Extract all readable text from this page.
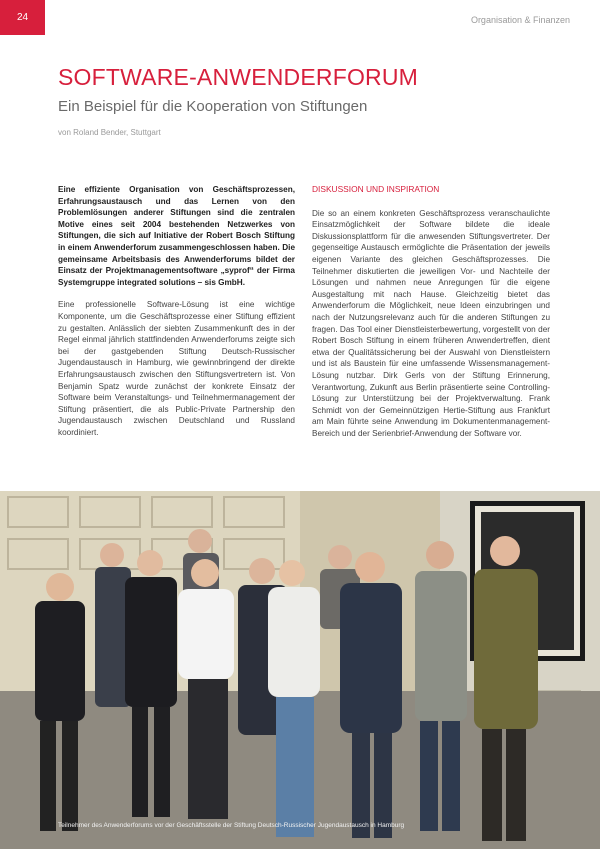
24	Organisation & Finanzen
SOFTWARE-ANWENDERFORUM
Ein Beispiel für die Kooperation von Stiftungen
von Roland Bender, Stuttgart

Eine effiziente Organisation von Geschäftsprozessen, Erfahrungsaustausch und das Lernen von den Problemlösungen anderer Stiftungen sind die zentralen Motive eines seit 2004 bestehenden Netzwerkes von Stiftungen, die sich auf Initiative der Robert Bosch Stiftung in einem Anwenderforum zusammengeschlossen haben. Die gemeinsame Arbeitsbasis des Anwenderforums bildet der Einsatz der Projektmanagementsoftware „syprof“ der Firma Systemgruppe integrated solutions – sis GmbH.

Eine professionelle Software-Lösung ist eine wichtige Komponente, um die Geschäftsprozesse einer Stiftung effizient zu gestalten. Anlässlich der siebten Zusammenkunft des in der Regel einmal jährlich stattfindenden Anwenderforums zeigte sich bei der gastgebenden Stiftung Deutsch-Russischer Jugendaustausch in Hamburg, wie gewinnbringend der direkte Erfahrungsaustausch zwischen den Stiftungsvertretern ist. Von Benjamin Spatz wurde zunächst der konkrete Einsatz der Software beim Veranstaltungs- und Teilnehmermanagement der Stiftung präsentiert, die als Public-Private Partnership den Jugendaustausch zwischen Deutschland und Russland koordiniert.

DISKUSSION UND INSPIRATION

Die so an einem konkreten Geschäftsprozess veranschaulichte Einsatzmöglichkeit der Software bildete die ideale Diskussionsplattform für die anwesenden Stiftungsvertreter. Der gegenseitige Austausch ermöglichte die Präsentation der jeweils eigenen Variante des gleichen Geschäftsprozesses. Die Teilnehmer diskutierten die jeweiligen Vor- und Nachteile der Lösungen und nahmen neue Anregungen für die eigene Ausgestaltung mit nach Hause. Gleichzeitig bietet das Anwenderforum die Möglichkeit, neue Ideen einzubringen und nach der Nutzungsrelevanz auch für die anderen Stiftungen zu fragen. Das Tool einer Dienstleisterbewertung, vorgestellt von der Robert Bosch Stiftung in einem früheren Anwendertreffen, dient etwa der Qualitätssicherung bei der Auswahl von Dienstleistern und ist als Baustein für eine umfassende Wissensmanagement-Lösung nutzbar. Dirk Gerls von der Stiftung Erinnerung, Verantwortung, Zukunft aus Berlin präsentierte seine Controlling-Lösung zur Unterstützung bei der Projektverwaltung. Frank Schmidt von der Gemeinnützigen Hertie-Stiftung aus Frankfurt am Main führte seine Anwendung im Dokumentenmanagement-Bereich und der Serienbrief-Anwendung der Software vor.

Teilnehmer des Anwenderforums vor der Geschäftsstelle der Stiftung Deutsch-Russischer Jugendaustausch in Hamburg
